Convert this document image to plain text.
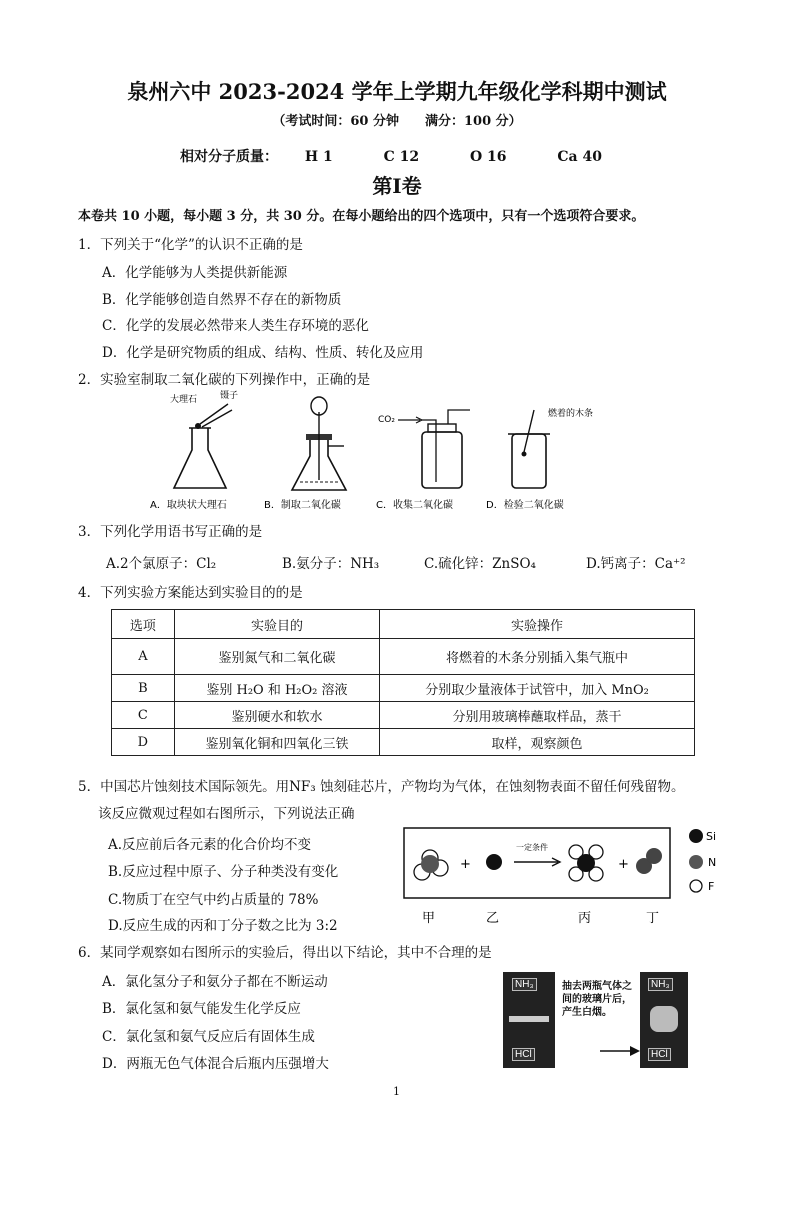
泉州六中 2023-2024 学年上学期九年级化学科期中测试
（考试时间：60 分钟　　满分：100 分）
相对分子质量： H 1	C 12	O 16	Ca 40
第Ⅰ卷
本卷共 10 小题，每小题 3 分，共 30 分。在每小题给出的四个选项中，只有一个选项符合要求。
1．下列关于“化学”的认识不正确的是
A．化学能够为人类提供新能源
B．化学能够创造自然界不存在的新物质
C．化学的发展必然带来人类生存环境的恶化
D．化学是研究物质的组成、结构、性质、转化及应用
2．实验室制取二氧化碳的下列操作中，正确的是
大理石	镊子
CO₂
燃着的木条
A．取块状大理石	B．制取二氧化碳	C．收集二氧化碳	D．检验二氧化碳
3．下列化学用语书写正确的是
A.2个氯原子：Cl₂	B.氨分子：NH₃	C.硫化锌：ZnSO₄	D.钙离子：Ca⁺²
4．下列实验方案能达到实验目的的是
选项	实验目的	实验操作
A	鉴别氮气和二氧化碳	将燃着的木条分别插入集气瓶中
B	鉴别 H₂O 和 H₂O₂ 溶液	分别取少量液体于试管中，加入 MnO₂
C	鉴别硬水和软水	分别用玻璃棒蘸取样品，蒸干
D	鉴别氧化铜和四氧化三铁	取样，观察颜色
5．中国芯片蚀刻技术国际领先。用NF₃ 蚀刻硅芯片，产物均为气体，在蚀刻物表面不留任何残留物。
该反应微观过程如右图所示，下列说法正确
A.反应前后各元素的化合价均不变
B.反应过程中原子、分子种类没有变化
C.物质丁在空气中约占质量的 78%
D.反应生成的丙和丁分子数之比为 3:2
+
一定条件
+
Si
N
F
甲	乙	丙	丁
6．某同学观察如右图所示的实验后，得出以下结论，其中不合理的是
A．氯化氢分子和氨分子都在不断运动
B．氯化氢和氨气能发生化学反应
C．氯化氢和氨气反应后有固体生成
D．两瓶无色气体混合后瓶内压强增大
NH₃
HCl
抽去两瓶气体之间的玻璃片后，产生白烟。
NH₃
HCl
1
